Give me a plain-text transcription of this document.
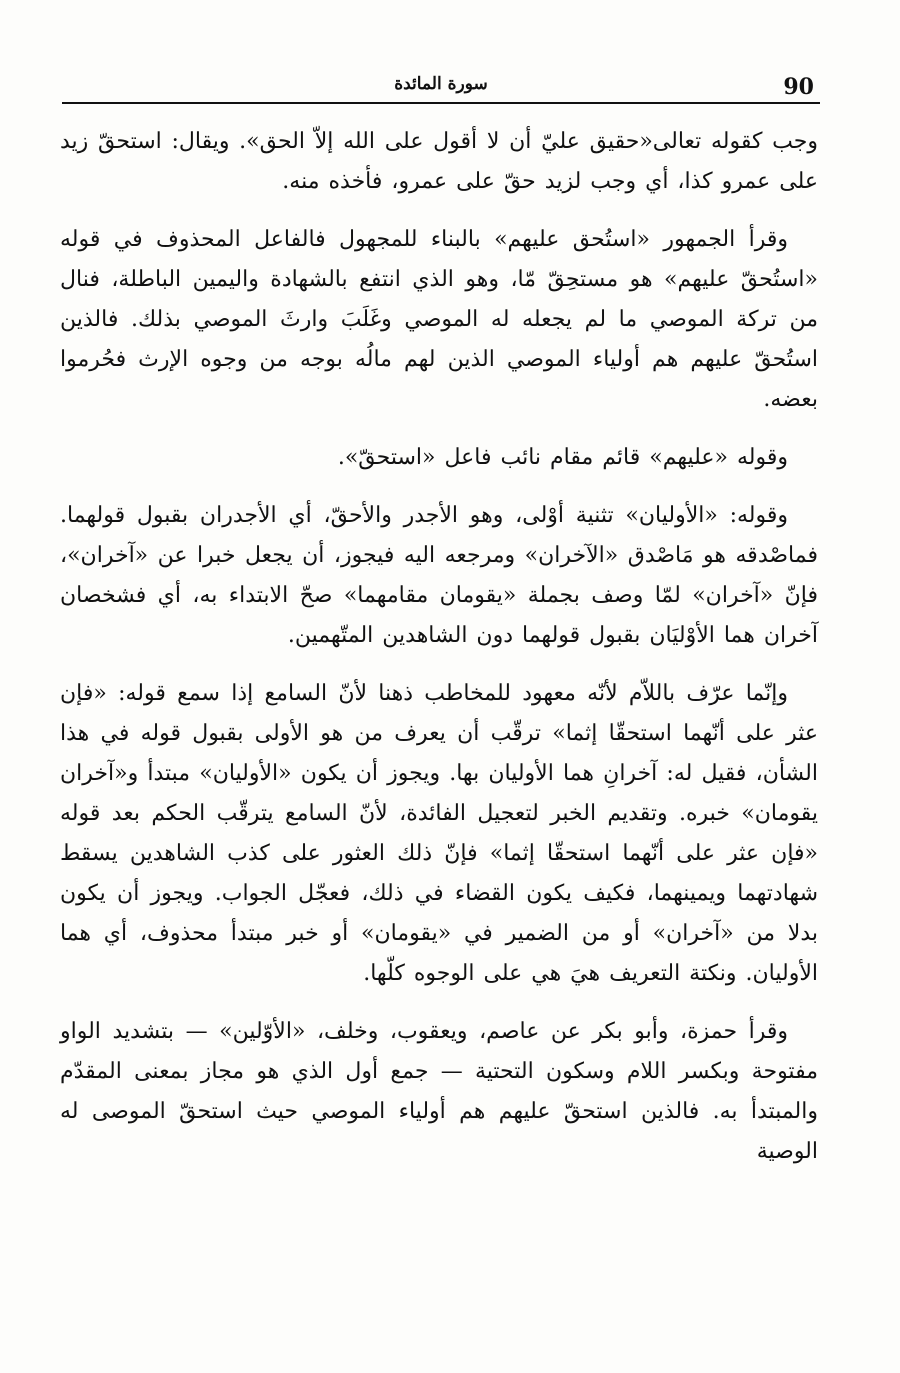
سورة المائدة	90

وجب كقوله تعالى«حقيق عليّ أن لا أقول على الله إلاّ الحق». ويقال: استحقّ زيد على عمرو كذا، أي وجب لزيد حقّ على عمرو، فأخذه منه.

وقرأ الجمهور «استُحق عليهم» بالبناء للمجهول فالفاعل المحذوف في قوله «استُحقّ عليهم» هو مستحِقّ مّا، وهو الذي انتفع بالشهادة واليمين الباطلة، فنال من تركة الموصي ما لم يجعله له الموصي وغَلَبَ وارثَ الموصي بذلك. فالذين استُحقّ عليهم هم أولياء الموصي الذين لهم مالُه بوجه من وجوه الإرث فحُرموا بعضه.

وقوله «عليهم» قائم مقام نائب فاعل «استحقّ».

وقوله: «الأوليان» تثنية أوْلى، وهو الأجدر والأحقّ، أي الأجدران بقبول قولهما. فماصْدقه هو مَاصْدق «الآخران» ومرجعه اليه فيجوز، أن يجعل خبرا عن «آخران»، فإنّ «آخران» لمّا وصف بجملة «يقومان مقامهما» صحّ الابتداء به، أي فشخصان آخران هما الأوْليَان بقبول قولهما دون الشاهدين المتّهمين.

وإنّما عرّف باللاّم لأنّه معهود للمخاطب ذهنا لأنّ السامع إذا سمع قوله: «فإن عثر على أنّهما استحقّا إثما» ترقّب أن يعرف من هو الأولى بقبول قوله في هذا الشأن، فقيل له: آخرانِ هما الأوليان بها. ويجوز أن يكون «الأوليان» مبتدأ و«آخران يقومان» خبره. وتقديم الخبر لتعجيل الفائدة، لأنّ السامع يترقّب الحكم بعد قوله «فإن عثر على أنّهما استحقّا إثما» فإنّ ذلك العثور على كذب الشاهدين يسقط شهادتهما ويمينهما، فكيف يكون القضاء في ذلك، فعجّل الجواب. ويجوز أن يكون بدلا من «آخران» أو من الضمير في «يقومان» أو خبر مبتدأ محذوف، أي هما الأوليان. ونكتة التعريف هيَ هي على الوجوه كلّها.

وقرأ حمزة، وأبو بكر عن عاصم، ويعقوب، وخلف، «الأوّلين» — بتشديد الواو مفتوحة وبكسر اللام وسكون التحتية — جمع أول الذي هو مجاز بمعنى المقدّم والمبتدأ به. فالذين استحقّ عليهم هم أولياء الموصي حيث استحقّ الموصى له الوصية
